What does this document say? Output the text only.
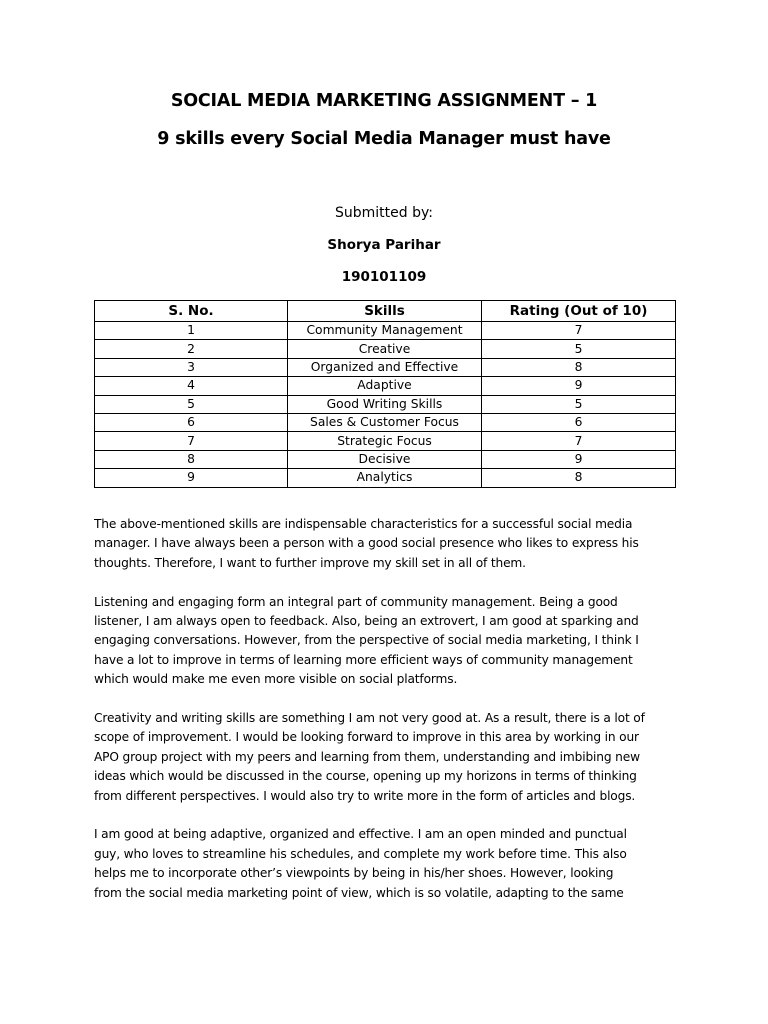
SOCIAL MEDIA MARKETING ASSIGNMENT – 1
9 skills every Social Media Manager must have
Submitted by:
Shorya Parihar
190101109
S. No.	Skills	Rating (Out of 10)
1	Community Management	7
2	Creative	5
3	Organized and Effective	8
4	Adaptive	9
5	Good Writing Skills	5
6	Sales & Customer Focus	6
7	Strategic Focus	7
8	Decisive	9
9	Analytics	8

The above-mentioned skills are indispensable characteristics for a successful social media
manager. I have always been a person with a good social presence who likes to express his
thoughts. Therefore, I want to further improve my skill set in all of them.

Listening and engaging form an integral part of community management. Being a good
listener, I am always open to feedback. Also, being an extrovert, I am good at sparking and
engaging conversations. However, from the perspective of social media marketing, I think I
have a lot to improve in terms of learning more efficient ways of community management
which would make me even more visible on social platforms.

Creativity and writing skills are something I am not very good at. As a result, there is a lot of
scope of improvement. I would be looking forward to improve in this area by working in our
APO group project with my peers and learning from them, understanding and imbibing new
ideas which would be discussed in the course, opening up my horizons in terms of thinking
from different perspectives. I would also try to write more in the form of articles and blogs.

I am good at being adaptive, organized and effective. I am an open minded and punctual
guy, who loves to streamline his schedules, and complete my work before time. This also
helps me to incorporate other’s viewpoints by being in his/her shoes. However, looking
from the social media marketing point of view, which is so volatile, adapting to the same
